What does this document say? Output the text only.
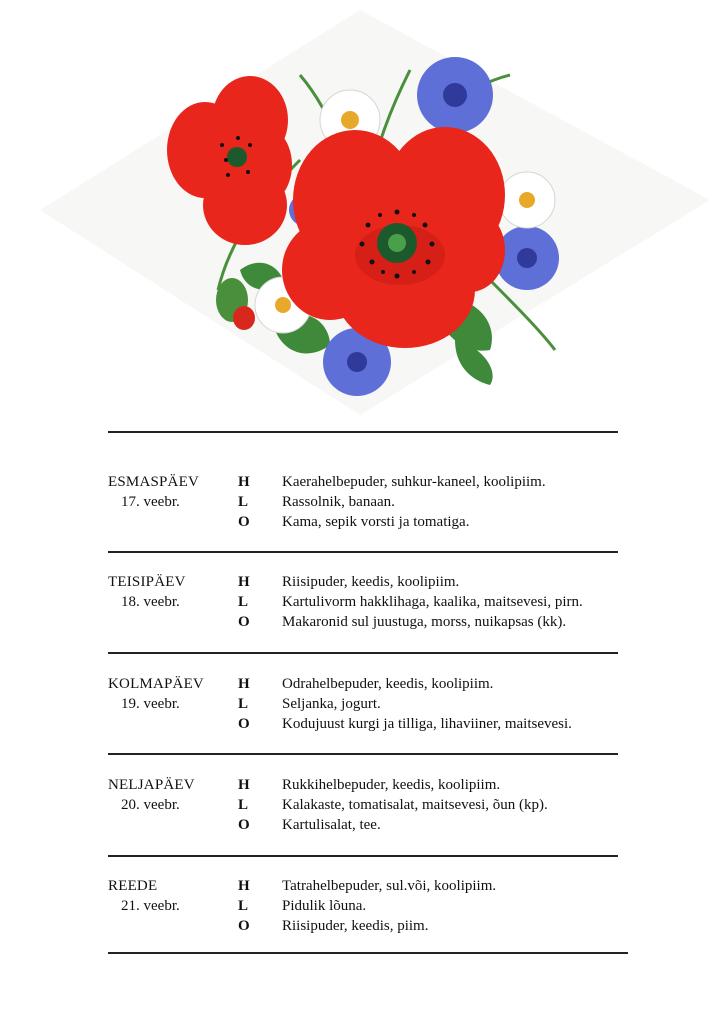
ESMASPÄEV
17. veebr.
H	Kaerahelbepuder, suhkur-kaneel, koolipiim.
L	Rassolnik, banaan.
O	Kama, sepik vorsti ja tomatiga.
TEISIPÄEV
18. veebr.
H	Riisipuder, keedis, koolipiim.
L	Kartulivorm hakklihaga, kaalika, maitsevesi, pirn.
O	Makaronid sul juustuga, morss, nuikapsas (kk).
KOLMAPÄEV
19. veebr.
H	Odrahelbepuder, keedis, koolipiim.
L	Seljanka, jogurt.
O	Kodujuust kurgi ja tilliga, lihaviiner, maitsevesi.
NELJAPÄEV
20. veebr.
H	Rukkihelbepuder, keedis, koolipiim.
L	Kalakaste, tomatisalat, maitsevesi, õun (kp).
O	Kartulisalat, tee.
REEDE
21. veebr.
H	Tatrahelbepuder, sul.või, koolipiim.
L	Pidulik lõuna.
O	Riisipuder, keedis, piim.
